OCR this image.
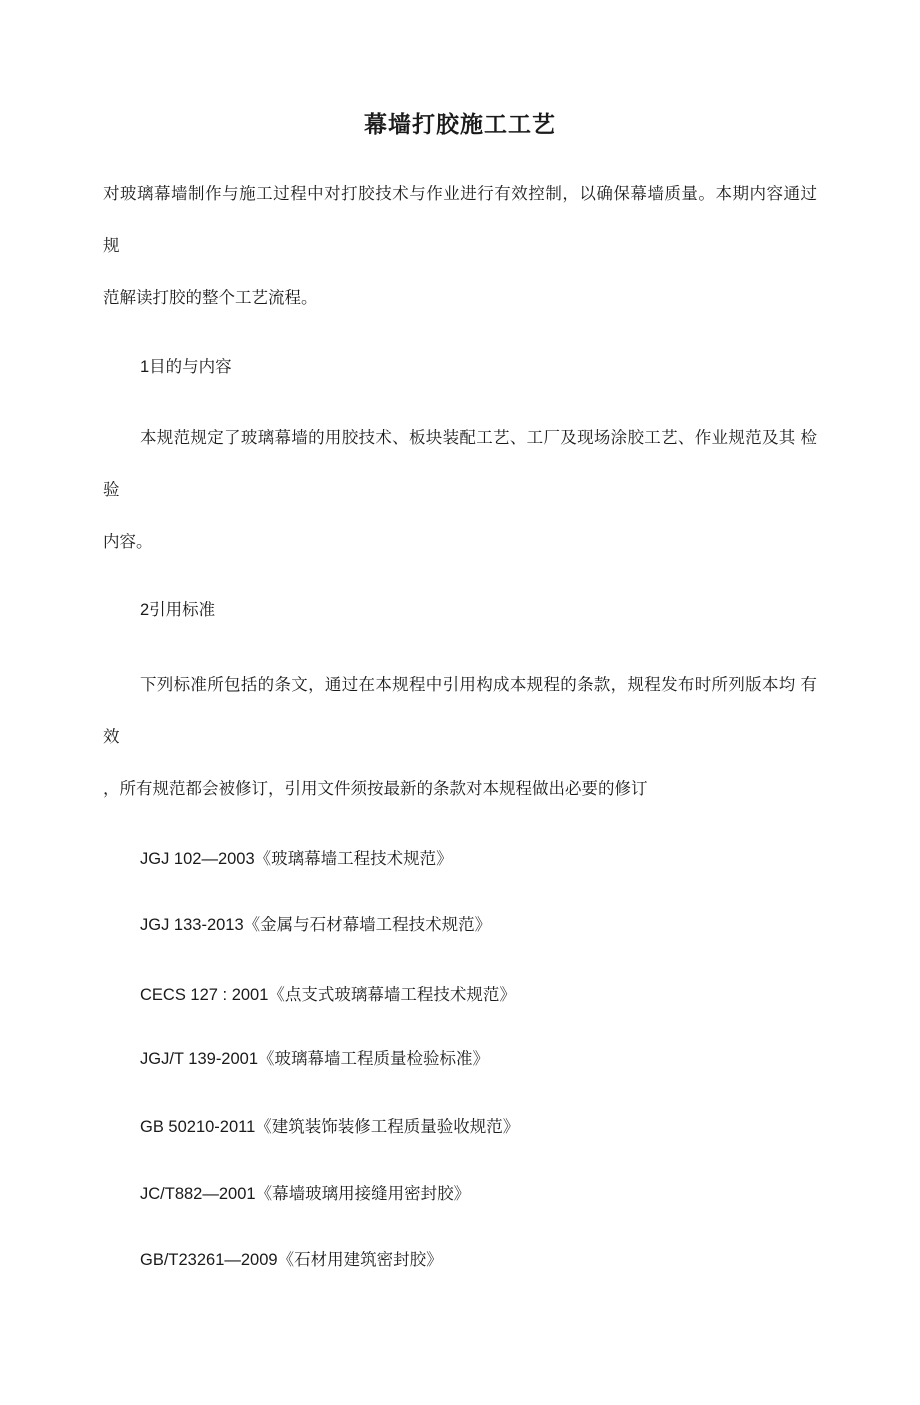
幕墙打胶施工工艺

对玻璃幕墙制作与施工过程中对打胶技术与作业进行有效控制，以确保幕墙质量。本期内容通过 规

范解读打胶的整个工艺流程。

1目的与内容

本规范规定了玻璃幕墙的用胶技术、板块装配工艺、工厂及现场涂胶工艺、作业规范及其 检验

内容。

2引用标准

下列标准所包括的条文，通过在本规程中引用构成本规程的条款，规程发布时所列版本均 有效

，所有规范都会被修订，引用文件须按最新的条款对本规程做出必要的修订

JGJ 102—2003《玻璃幕墙工程技术规范》

JGJ 133-2013《金属与石材幕墙工程技术规范》

CECS 127 : 2001《点支式玻璃幕墙工程技术规范》

JGJ/T 139-2001《玻璃幕墙工程质量检验标准》

GB 50210-2011《建筑装饰装修工程质量验收规范》

JC/T882—2001《幕墙玻璃用接缝用密封胶》

GB/T23261—2009《石材用建筑密封胶》
